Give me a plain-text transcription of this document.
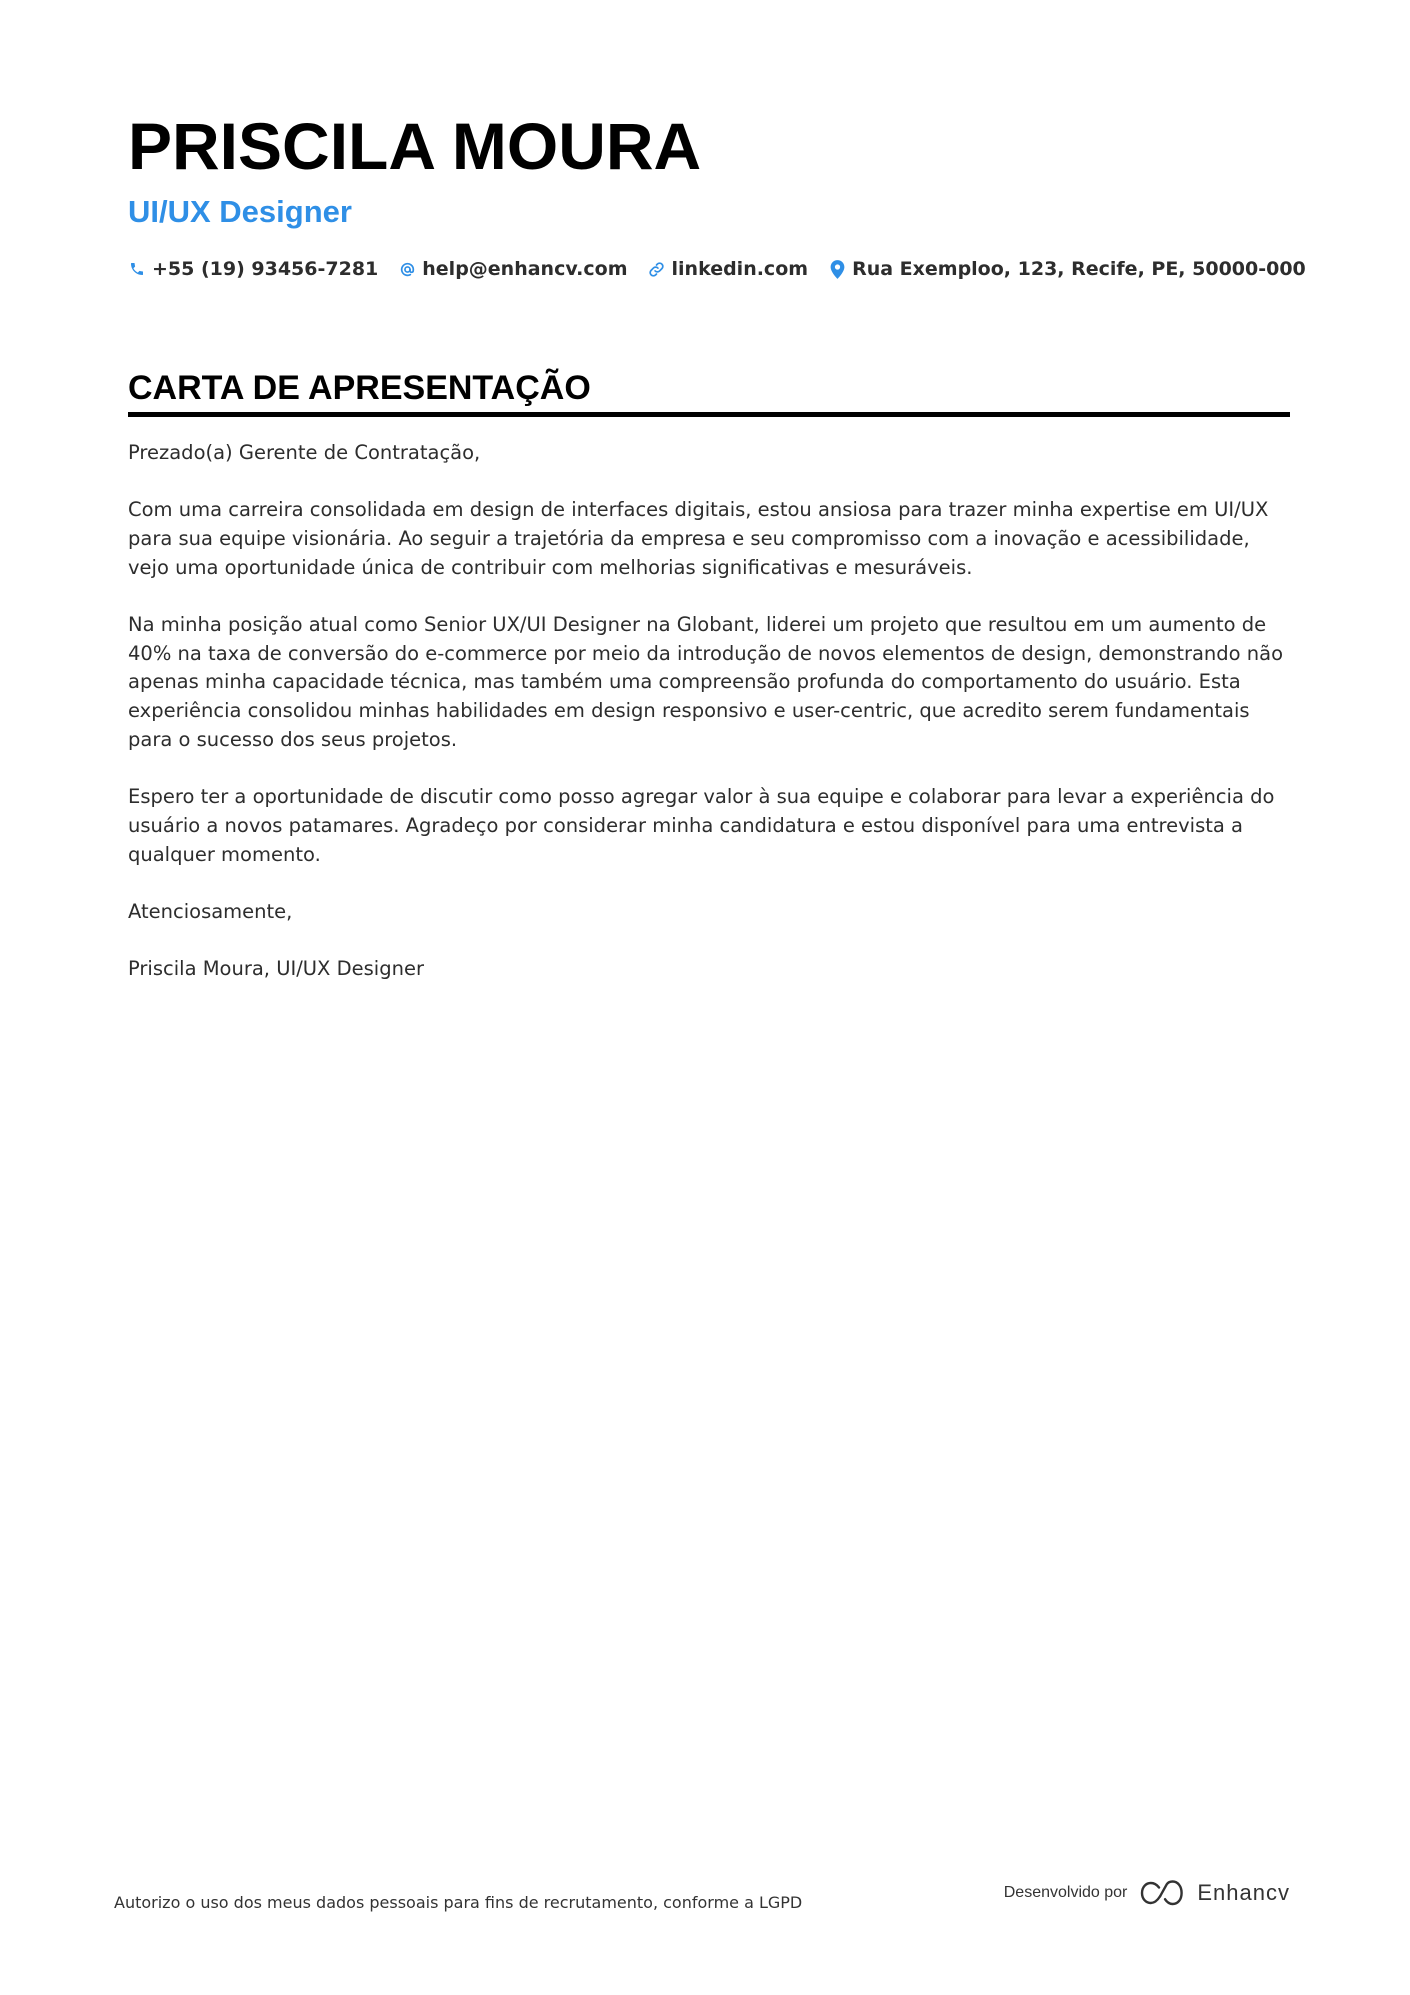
PRISCILA MOURA
UI/UX Designer
+55 (19) 93456-7281 help@enhancv.com linkedin.com Rua Exemploo, 123, Recife, PE, 50000-000
CARTA DE APRESENTAÇÃO

Prezado(a) Gerente de Contratação,

Com uma carreira consolidada em design de interfaces digitais, estou ansiosa para trazer minha expertise em UI/UX para sua equipe visionária. Ao seguir a trajetória da empresa e seu compromisso com a inovação e acessibilidade, vejo uma oportunidade única de contribuir com melhorias significativas e mesuráveis.

Na minha posição atual como Senior UX/UI Designer na Globant, liderei um projeto que resultou em um aumento de 40% na taxa de conversão do e-commerce por meio da introdução de novos elementos de design, demonstrando não apenas minha capacidade técnica, mas também uma compreensão profunda do comportamento do usuário. Esta experiência consolidou minhas habilidades em design responsivo e user-centric, que acredito serem fundamentais para o sucesso dos seus projetos.

Espero ter a oportunidade de discutir como posso agregar valor à sua equipe e colaborar para levar a experiência do usuário a novos patamares. Agradeço por considerar minha candidatura e estou disponível para uma entrevista a qualquer momento.

Atenciosamente,

Priscila Moura, UI/UX Designer

Autorizo o uso dos meus dados pessoais para fins de recrutamento, conforme a LGPD
Desenvolvido por	Enhancv
